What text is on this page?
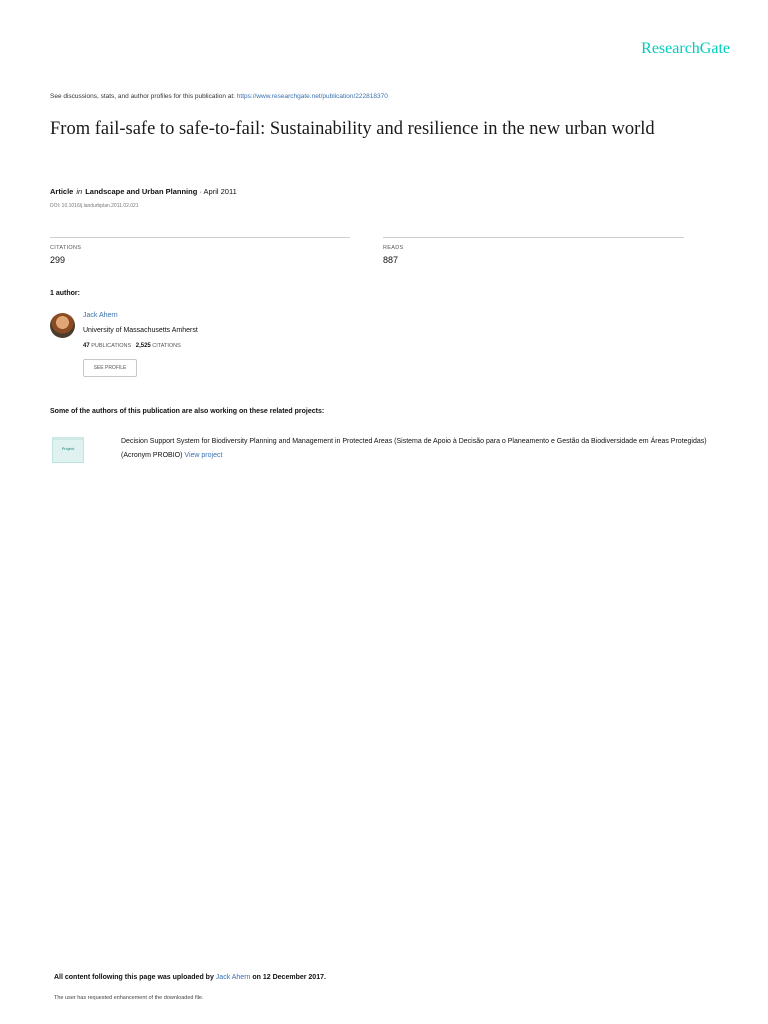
ResearchGate
See discussions, stats, and author profiles for this publication at: https://www.researchgate.net/publication/222818370
From fail-safe to safe-to-fail: Sustainability and resilience in the new urban world
Article in Landscape and Urban Planning · April 2011
DOI: 10.1016/j.landurbplan.2011.02.021
CITATIONS
299
READS
887
1 author:
Jack Ahern
University of Massachusetts Amherst
47 PUBLICATIONS 2,525 CITATIONS
SEE PROFILE
Some of the authors of this publication are also working on these related projects:
Project
Decision Support System for Biodiversity Planning and Management in Protected Areas (Sistema de Apoio à Decisão para o Planeamento e Gestão da Biodiversidade em Áreas Protegidas) (Acronym PROBIO) View project
All content following this page was uploaded by Jack Ahern on 12 December 2017.
The user has requested enhancement of the downloaded file.
